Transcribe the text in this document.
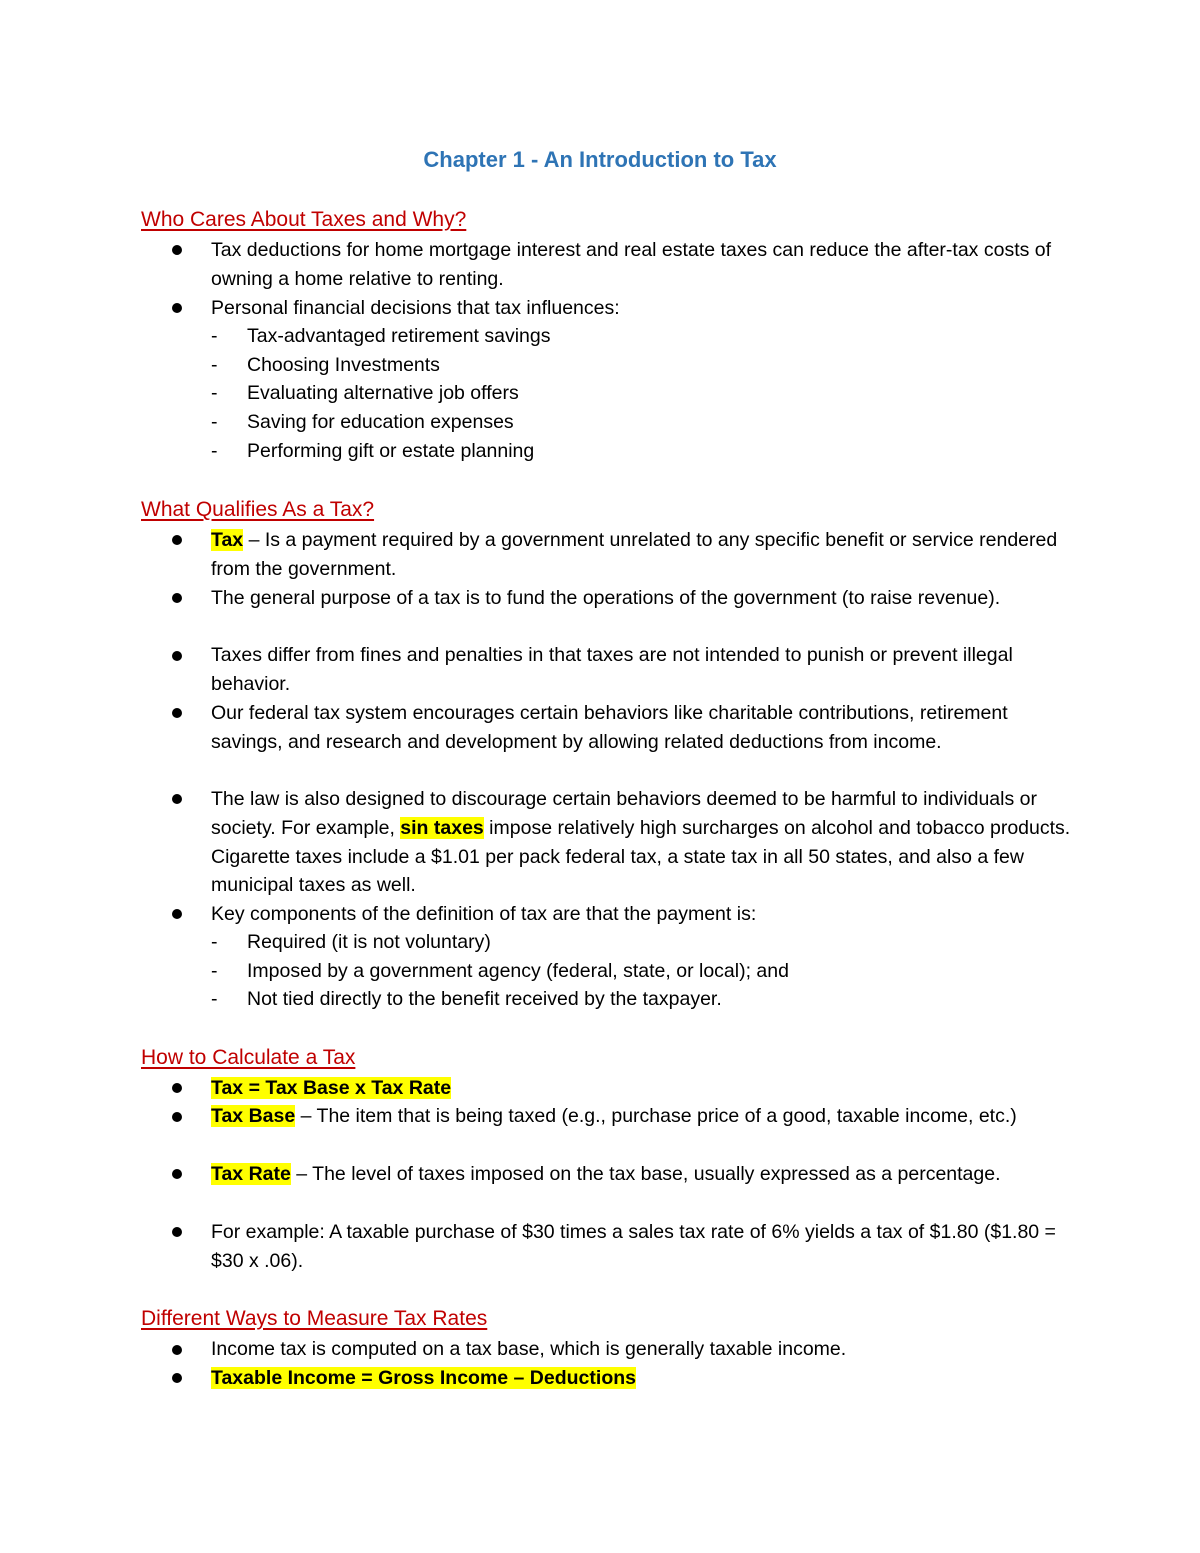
Chapter 1 - An Introduction to Tax
Who Cares About Taxes and Why?
Tax deductions for home mortgage interest and real estate taxes can reduce the after-tax costs of owning a home relative to renting.
Personal financial decisions that tax influences:
- Tax-advantaged retirement savings
- Choosing Investments
- Evaluating alternative job offers
- Saving for education expenses
- Performing gift or estate planning
What Qualifies As a Tax?
Tax – Is a payment required by a government unrelated to any specific benefit or service rendered from the government.
The general purpose of a tax is to fund the operations of the government (to raise revenue).
Taxes differ from fines and penalties in that taxes are not intended to punish or prevent illegal behavior.
Our federal tax system encourages certain behaviors like charitable contributions, retirement savings, and research and development by allowing related deductions from income.
The law is also designed to discourage certain behaviors deemed to be harmful to individuals or society. For example, sin taxes impose relatively high surcharges on alcohol and tobacco products. Cigarette taxes include a $1.01 per pack federal tax, a state tax in all 50 states, and also a few municipal taxes as well.
Key components of the definition of tax are that the payment is:
- Required (it is not voluntary)
- Imposed by a government agency (federal, state, or local); and
- Not tied directly to the benefit received by the taxpayer.
How to Calculate a Tax
Tax = Tax Base x Tax Rate
Tax Base – The item that is being taxed (e.g., purchase price of a good, taxable income, etc.)
Tax Rate – The level of taxes imposed on the tax base, usually expressed as a percentage.
For example: A taxable purchase of $30 times a sales tax rate of 6% yields a tax of $1.80 ($1.80 = $30 x .06).
Different Ways to Measure Tax Rates
Income tax is computed on a tax base, which is generally taxable income.
Taxable Income = Gross Income – Deductions
